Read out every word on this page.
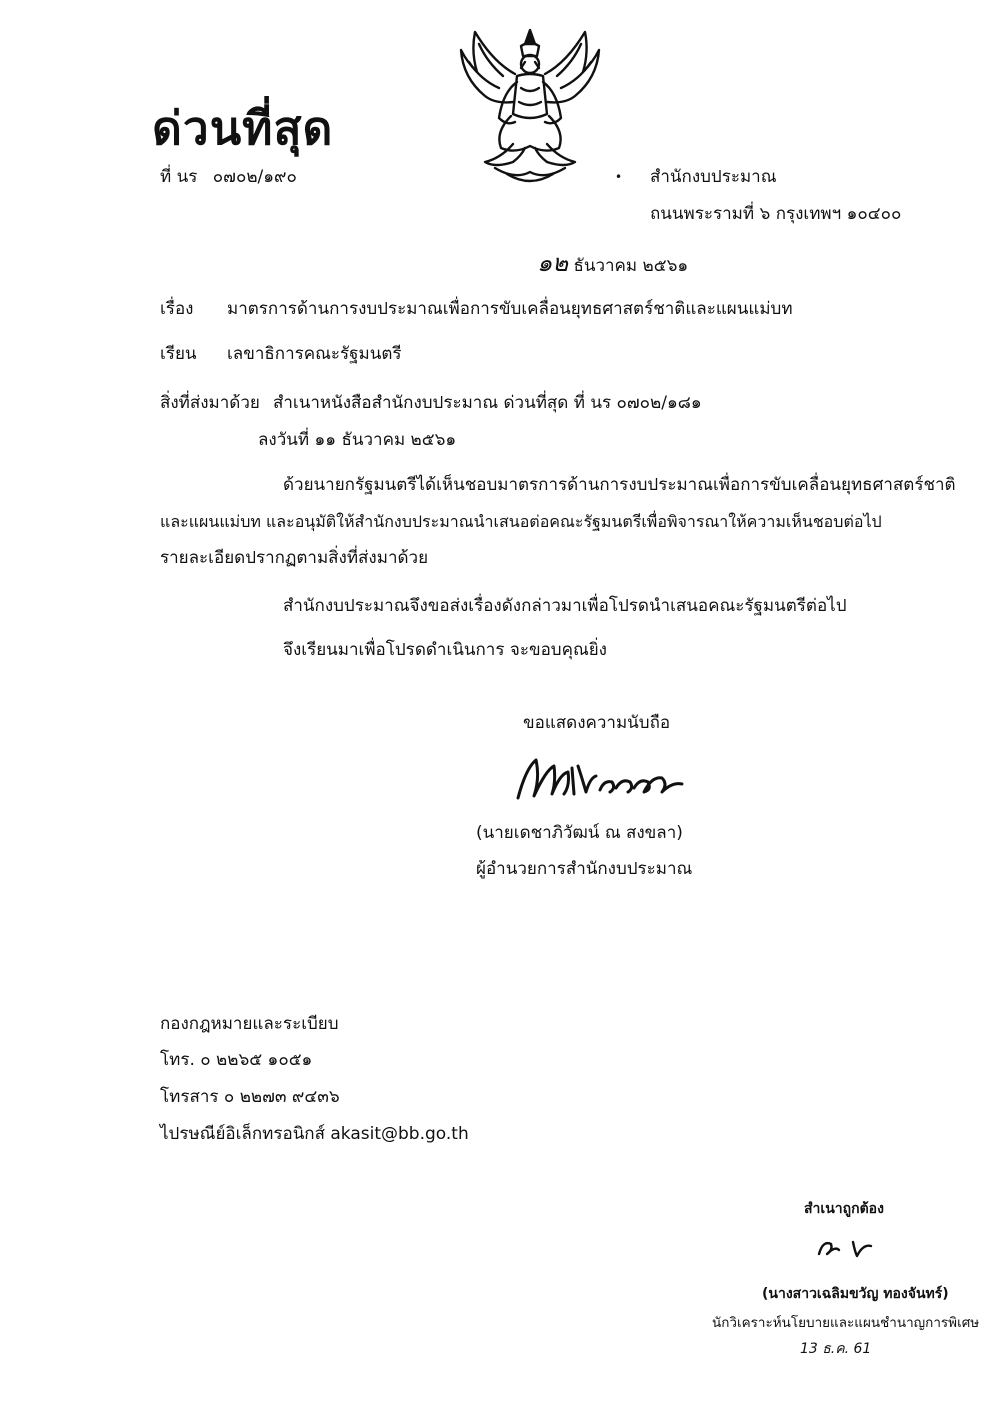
ด่วนที่สุด
ที่ นร ๐๗๐๒/๑๙๐	• สำนักงบประมาณ
ถนนพระรามที่ ๖ กรุงเทพฯ ๑๐๔๐๐
๑๒ ธันวาคม ๒๕๖๑
เรื่อง มาตรการด้านการงบประมาณเพื่อการขับเคลื่อนยุทธศาสตร์ชาติและแผนแม่บท
เรียน เลขาธิการคณะรัฐมนตรี
สิ่งที่ส่งมาด้วย สำเนาหนังสือสำนักงบประมาณ ด่วนที่สุด ที่ นร ๐๗๐๒/๑๘๑
ลงวันที่ ๑๑ ธันวาคม ๒๕๖๑
ด้วยนายกรัฐมนตรีได้เห็นชอบมาตรการด้านการงบประมาณเพื่อการขับเคลื่อนยุทธศาสตร์ชาติ
และแผนแม่บท และอนุมัติให้สำนักงบประมาณนำเสนอต่อคณะรัฐมนตรีเพื่อพิจารณาให้ความเห็นชอบต่อไป
รายละเอียดปรากฏตามสิ่งที่ส่งมาด้วย
สำนักงบประมาณจึงขอส่งเรื่องดังกล่าวมาเพื่อโปรดนำเสนอคณะรัฐมนตรีต่อไป
จึงเรียนมาเพื่อโปรดดำเนินการ จะขอบคุณยิ่ง
ขอแสดงความนับถือ
(นายเดชาภิวัฒน์ ณ สงขลา)
ผู้อำนวยการสำนักงบประมาณ
กองกฎหมายและระเบียบ
โทร. ๐ ๒๒๖๕ ๑๐๕๑
โทรสาร ๐ ๒๒๗๓ ๙๔๓๖
ไปรษณีย์อิเล็กทรอนิกส์ akasit@bb.go.th
สำเนาถูกต้อง
(นางสาวเฉลิมขวัญ ทองจันทร์)
นักวิเคราะห์นโยบายและแผนชำนาญการพิเศษ
13 ธ.ค. 61
